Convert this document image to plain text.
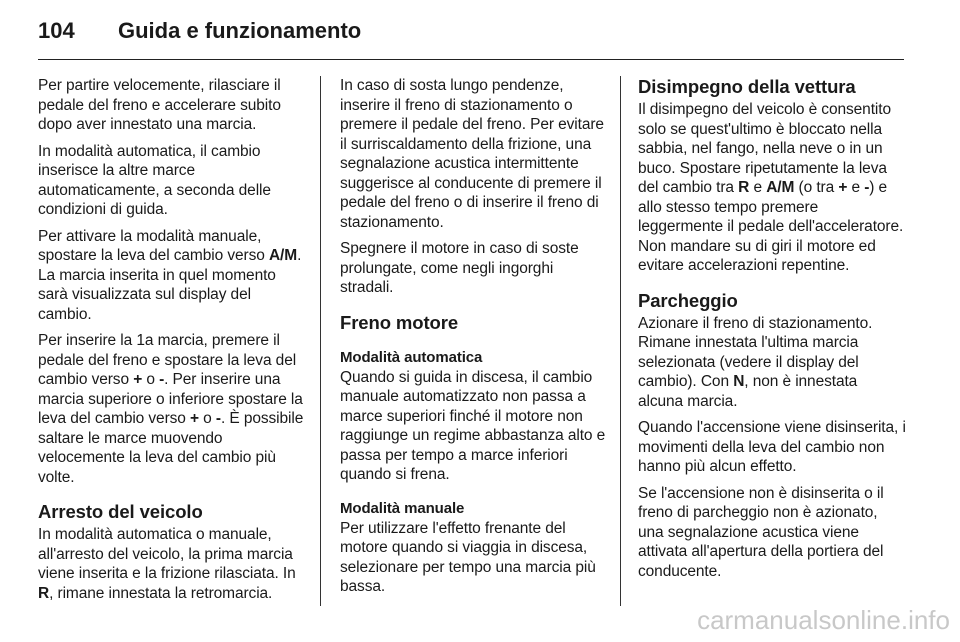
104	Guida e funzionamento

Per partire velocemente, rilasciare il pedale del freno e accelerare subito dopo aver innestato una marcia.

In modalità automatica, il cambio inserisce la altre marce automaticamente, a seconda delle condizioni di guida.

Per attivare la modalità manuale, spostare la leva del cambio verso A/M. La marcia inserita in quel momento sarà visualizzata sul display del cambio.

Per inserire la 1a marcia, premere il pedale del freno e spostare la leva del cambio verso + o -. Per inserire una marcia superiore o inferiore spostare la leva del cambio verso + o -. È possibile saltare le marce muovendo velocemente la leva del cambio più volte.

Arresto del veicolo

In modalità automatica o manuale, all'arresto del veicolo, la prima marcia viene inserita e la frizione rilasciata. In R, rimane innestata la retromarcia.

In caso di sosta lungo pendenze, inserire il freno di stazionamento o premere il pedale del freno. Per evitare il surriscaldamento della frizione, una segnalazione acustica intermittente suggerisce al conducente di premere il pedale del freno o di inserire il freno di stazionamento.

Spegnere il motore in caso di soste prolungate, come negli ingorghi stradali.

Freno motore
Modalità automatica

Quando si guida in discesa, il cambio manuale automatizzato non passa a marce superiori finché il motore non raggiunge un regime abbastanza alto e passa per tempo a marce inferiori quando si frena.

Modalità manuale

Per utilizzare l'effetto frenante del motore quando si viaggia in discesa, selezionare per tempo una marcia più bassa.

Disimpegno della vettura

Il disimpegno del veicolo è consentito solo se quest'ultimo è bloccato nella sabbia, nel fango, nella neve o in un buco. Spostare ripetutamente la leva del cambio tra R e A/M (o tra + e -) e allo stesso tempo premere leggermente il pedale dell'acceleratore. Non mandare su di giri il motore ed evitare accelerazioni repentine.

Parcheggio

Azionare il freno di stazionamento. Rimane innestata l'ultima marcia selezionata (vedere il display del cambio). Con N, non è innestata alcuna marcia.

Quando l'accensione viene disinserita, i movimenti della leva del cambio non hanno più alcun effetto.

Se l'accensione non è disinserita o il freno di parcheggio non è azionato, una segnalazione acustica viene attivata all'apertura della portiera del conducente.

carmanualsonline.info
